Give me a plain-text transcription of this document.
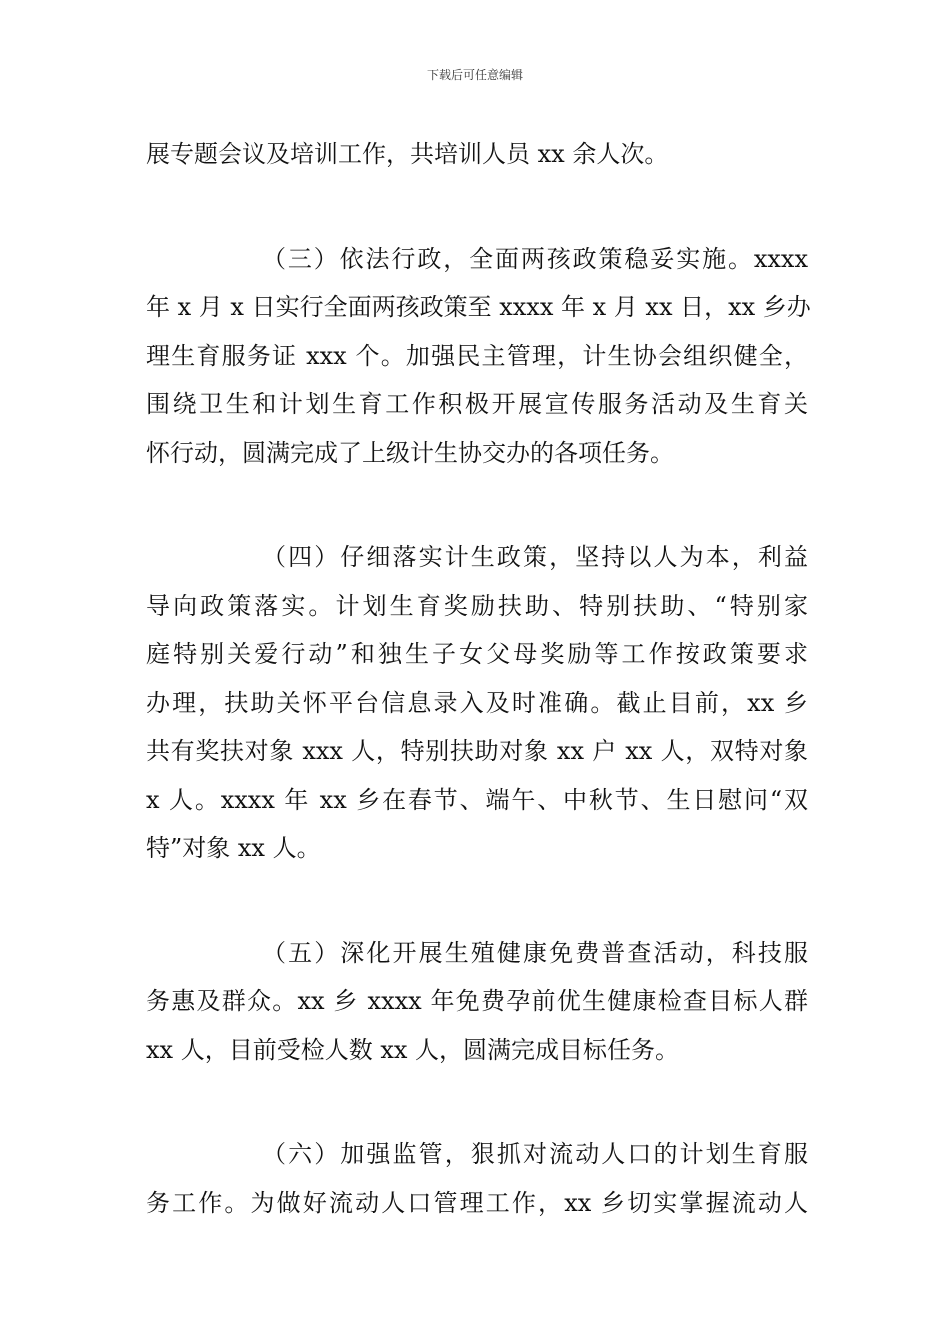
下载后可任意编辑
展专题会议及培训工作，共培训人员 xx 余人次。
（三）依法行政，全面两孩政策稳妥实施。xxxx
年 x 月 x 日实行全面两孩政策至 xxxx 年 x 月 xx 日，xx 乡办
理生育服务证 xxx 个。加强民主管理，计生协会组织健全，
围绕卫生和计划生育工作积极开展宣传服务活动及生育关
怀行动，圆满完成了上级计生协交办的各项任务。
（四）仔细落实计生政策，坚持以人为本，利益
导向政策落实。计划生育奖励扶助、特别扶助、“特别家
庭特别关爱行动”和独生子女父母奖励等工作按政策要求
办理，扶助关怀平台信息录入及时准确。截止目前，xx 乡
共有奖扶对象 xxx 人，特别扶助对象 xx 户 xx 人，双特对象
x 人。xxxx 年 xx 乡在春节、端午、中秋节、生日慰问“双
特”对象 xx 人。
（五）深化开展生殖健康免费普查活动，科技服
务惠及群众。xx 乡 xxxx 年免费孕前优生健康检查目标人群
xx 人，目前受检人数 xx 人，圆满完成目标任务。
（六）加强监管，狠抓对流动人口的计划生育服
务工作。为做好流动人口管理工作，xx 乡切实掌握流动人
